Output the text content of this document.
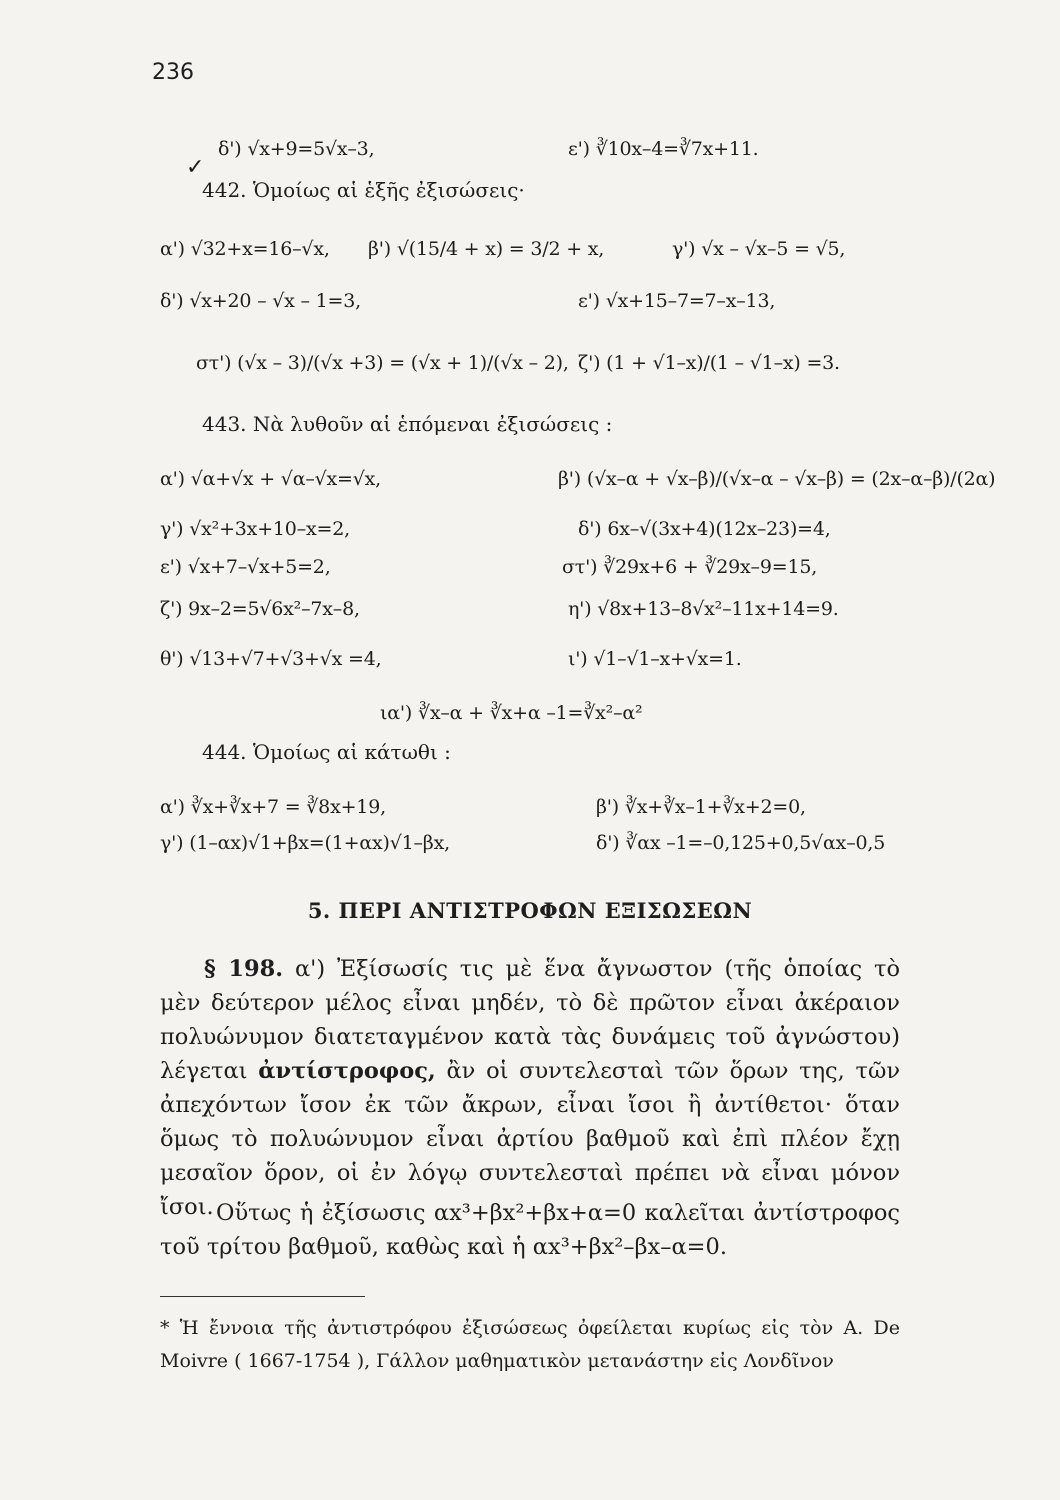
236
✓
δ') √x+9=5√x–3,	ε') ∛10x–4=∛7x+11.
442. Ὁμοίως αἱ ἑξῆς ἐξισώσεις·
α') √32+x=16–√x, β') √(15/4 + x) = 3/2 + x,	γ') √x – √x–5 = √5,
δ') √x+20 – √x – 1=3,	ε') √x+15–7=7–x–13,
στ') (√x – 3)/(√x +3) = (√x + 1)/(√x – 2), ζ') (1 + √1–x)/(1 – √1–x) =3.
443. Νὰ λυθοῦν αἱ ἑπόμεναι ἐξισώσεις :
α') √α+√x + √α–√x=√x,	β') (√x–α + √x–β)/(√x–α – √x–β) = (2x–α–β)/(2α)
γ') √x²+3x+10–x=2,	δ') 6x–√(3x+4)(12x–23)=4,
ε') √x+7–√x+5=2,	στ') ∛29x+6 + ∛29x–9=15,
ζ') 9x–2=5√6x²–7x–8,	η') √8x+13–8√x²–11x+14=9.
θ') √13+√7+√3+√x =4,	ι') √1–√1–x+√x=1.
ια') ∛x–α + ∛x+α –1=∛x²–α²
444. Ὁμοίως αἱ κάτωθι :
α') ∛x+∛x+7 = ∛8x+19,	β') ∛x+∛x–1+∛x+2=0,
γ') (1–αx)√1+βx=(1+αx)√1–βx,	δ') ∛αx –1=–0,125+0,5√αx–0,5
5. ΠΕΡΙ ΑΝΤΙΣΤΡΟΦΩΝ ΕΞΙΣΩΣΕΩΝ

§ 198. α') Ἐξίσωσίς τις μὲ ἕνα ἄγνωστον (τῆς ὁποίας τὸ μὲν δεύτερον μέλος εἶναι μηδέν, τὸ δὲ πρῶτον εἶναι ἀκέραιον πολυώνυμον διατεταγμένον κατὰ τὰς δυνάμεις τοῦ ἀγνώστου) λέγεται ἀντίστροφος, ἂν οἱ συντελεσταὶ τῶν ὅρων της, τῶν ἀπεχόντων ἴσον ἐκ τῶν ἄκρων, εἶναι ἴσοι ἢ ἀντίθετοι· ὅταν ὅμως τὸ πολυώνυμον εἶναι ἀρτίου βαθμοῦ καὶ ἐπὶ πλέον ἔχῃ μεσαῖον ὅρον, οἱ ἐν λόγῳ συντελεσταὶ πρέπει νὰ εἶναι μόνον ἴσοι. Οὕτως ἡ ἐξίσωσις αx³+βx²+βx+α=0 καλεῖται ἀντίστροφος τοῦ τρίτου βαθμοῦ, καθὼς καὶ ἡ αx³+βx²–βx–α=0.

* Ἡ ἔννοια τῆς ἀντιστρόφου ἐξισώσεως ὀφείλεται κυρίως εἰς τὸν A. De Moivre ( 1667-1754 ), Γάλλον μαθηματικὸν μετανάστην εἰς Λονδῖνον
